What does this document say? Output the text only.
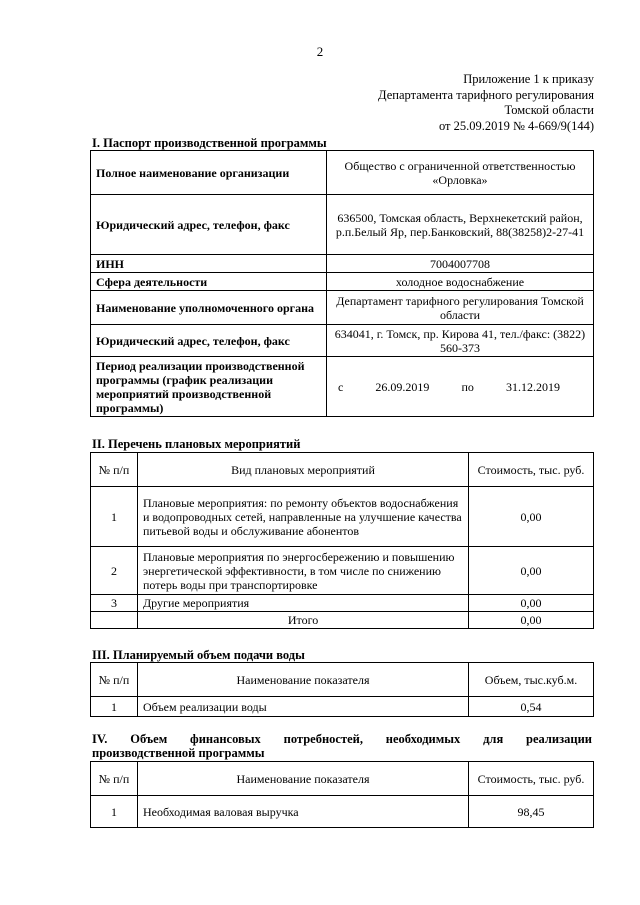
2
Приложение 1 к приказу
Департамента тарифного регулирования
Томской области
от 25.09.2019 № 4-669/9(144)
I. Паспорт производственной программы
Полное наименование организации	Общество с ограниченной ответственностью «Орловка»
Юридический адрес, телефон, факс	636500, Томская область, Верхнекетский район, р.п.Белый Яр, пер.Банковский, 88(38258)2-27-41
ИНН	7004007708
Сфера деятельности	холодное водоснабжение
Наименование уполномоченного органа	Департамент тарифного регулирования Томской области
Юридический адрес, телефон, факс	634041, г. Томск, пр. Кирова 41, тел./факс: (3822) 560-373
Период реализации производственной программы (график реализации мероприятий производственной программы)	с 26.09.2019 по 31.12.2019
II. Перечень плановых мероприятий
№ п/п	Вид плановых мероприятий	Стоимость, тыс. руб.
1	Плановые мероприятия: по ремонту объектов водоснабжения и водопроводных сетей, направленные на улучшение качества питьевой воды и обслуживание абонентов	0,00
2	Плановые мероприятия по энергосбережению и повышению энергетической эффективности, в том числе по снижению потерь воды при транспортировке	0,00
3	Другие мероприятия	0,00
	Итого	0,00
III. Планируемый объем подачи воды
№ п/п	Наименование показателя	Объем, тыс.куб.м.
1	Объем реализации воды	0,54
IV. Объем финансовых потребностей, необходимых для реализации
производственной программы
№ п/п	Наименование показателя	Стоимость, тыс. руб.
1	Необходимая валовая выручка	98,45
